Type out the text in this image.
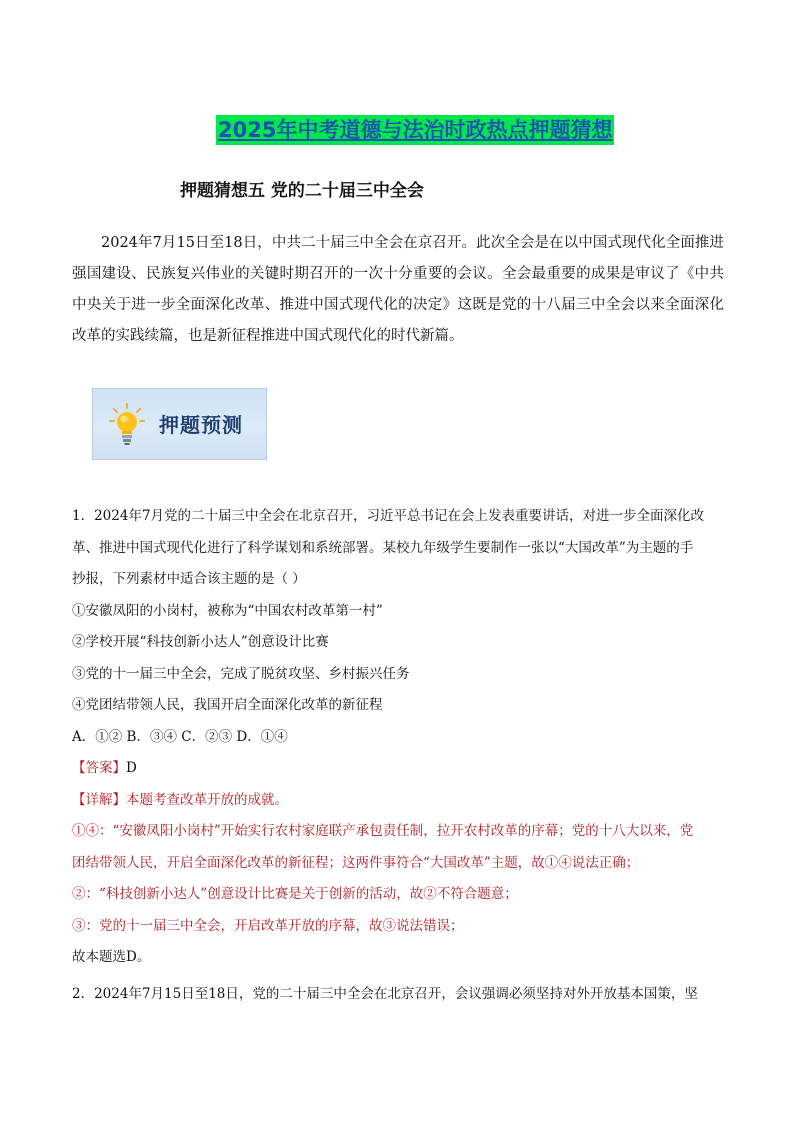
2025年中考道德与法治时政热点押题猜想
押题猜想五 党的二十届三中全会
2024年7月15日至18日，中共二十届三中全会在京召开。此次全会是在以中国式现代化全面推进强国建设、民族复兴伟业的关键时期召开的一次十分重要的会议。全会最重要的成果是审议了《中共中央关于进一步全面深化改革、推进中国式现代化的决定》这既是党的十八届三中全会以来全面深化改革的实践续篇，也是新征程推进中国式现代化的时代新篇。
押题预测
1．2024年7月党的二十届三中全会在北京召开，习近平总书记在会上发表重要讲话，对进一步全面深化改
革、推进中国式现代化进行了科学谋划和系统部署。某校九年级学生要制作一张以“大国改革”为主题的手
抄报，下列素材中适合该主题的是（ ）
①安徽凤阳的小岗村，被称为“中国农村改革第一村”
②学校开展“科技创新小达人”创意设计比赛
③党的十一届三中全会，完成了脱贫攻坚、乡村振兴任务
④党团结带领人民，我国开启全面深化改革的新征程
A．①② B．③④ C．②③ D．①④
【答案】D
【详解】本题考查改革开放的成就。
①④：“安徽凤阳小岗村”开始实行农村家庭联产承包责任制，拉开农村改革的序幕；党的十八大以来，党
团结带领人民，开启全面深化改革的新征程；这两件事符合“大国改革”主题，故①④说法正确；
②：“科技创新小达人”创意设计比赛是关于创新的活动，故②不符合题意；
③：党的十一届三中全会，开启改革开放的序幕，故③说法错误；
故本题选D。
2．2024年7月15日至18日，党的二十届三中全会在北京召开，会议强调必须坚持对外开放基本国策，坚
